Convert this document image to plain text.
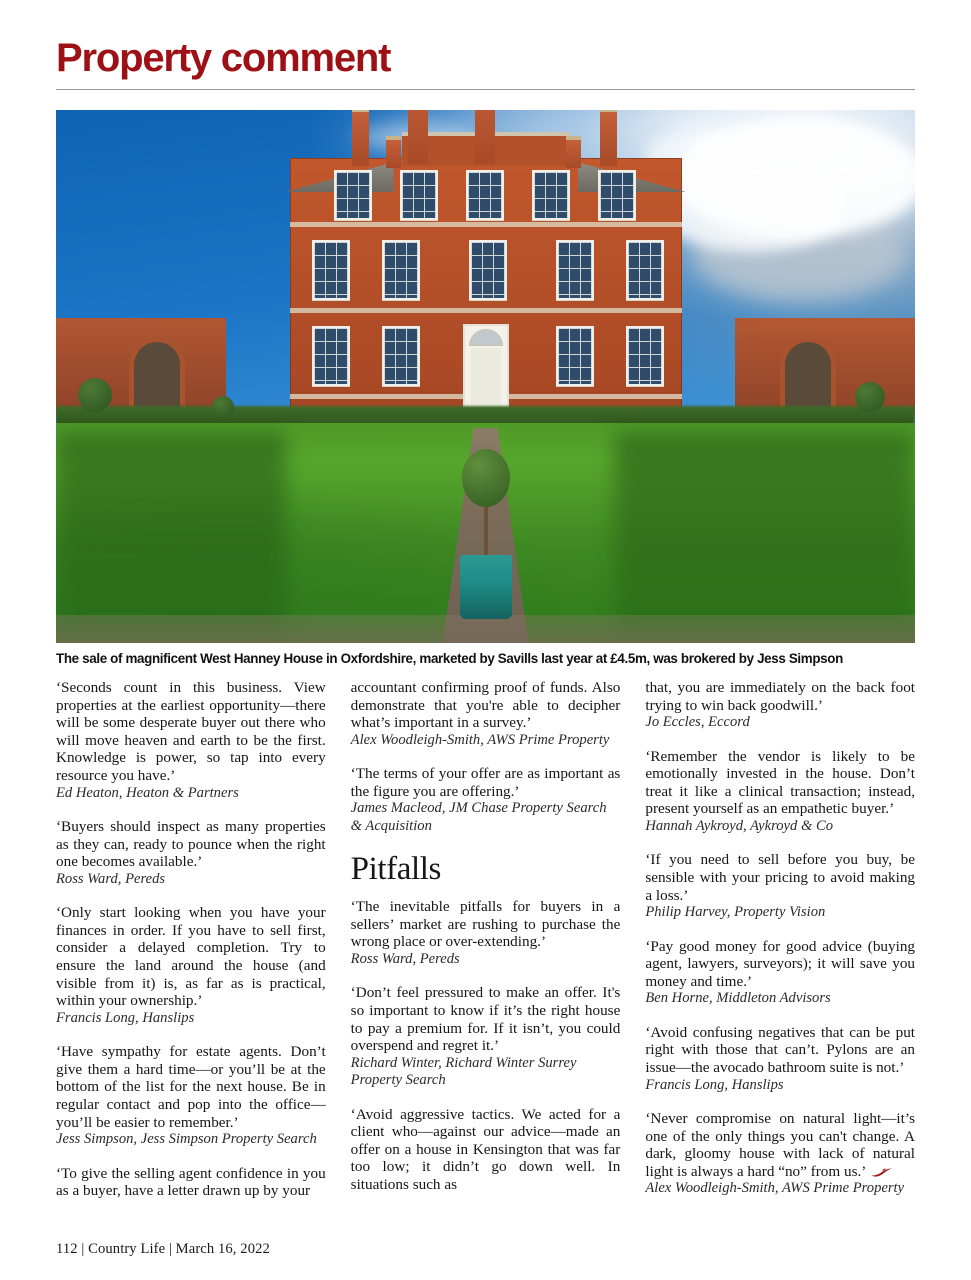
Property comment
The sale of magnificent West Hanney House in Oxfordshire, marketed by Savills last year at £4.5m, was brokered by Jess Simpson

‘Seconds count in this business. View properties at the earliest opportunity—there will be some desperate buyer out there who will move heaven and earth to be the first. Knowledge is power, so tap into every resource you have.’

Ed Heaton, Heaton & Partners

‘Buyers should inspect as many properties as they can, ready to pounce when the right one becomes available.’

Ross Ward, Pereds

‘Only start looking when you have your finances in order. If you have to sell first, consider a delayed completion. Try to ensure the land around the house (and visible from it) is, as far as is practical, within your ownership.’

Francis Long, Hanslips

‘Have sympathy for estate agents. Don’t give them a hard time—or you’ll be at the bottom of the list for the next house. Be in regular contact and pop into the office—you’ll be easier to remember.’

Jess Simpson, Jess Simpson Property Search

‘To give the selling agent confidence in you as a buyer, have a letter drawn up by your

accountant confirming proof of funds. Also demonstrate that you're able to decipher what’s important in a survey.’

Alex Woodleigh-Smith, AWS Prime Property

‘The terms of your offer are as important as the figure you are offering.’

James Macleod, JM Chase Property Search & Acquisition

Pitfalls

‘The inevitable pitfalls for buyers in a sellers’ market are rushing to purchase the wrong place or over-extending.’

Ross Ward, Pereds

‘Don’t feel pressured to make an offer. It's so important to know if it’s the right house to pay a premium for. If it isn’t, you could overspend and regret it.’

Richard Winter, Richard Winter Surrey Property Search

‘Avoid aggressive tactics. We acted for a client who—against our advice—made an offer on a house in Kensington that was far too low; it didn’t go down well. In situations such as

that, you are immediately on the back foot trying to win back goodwill.’

Jo Eccles, Eccord

‘Remember the vendor is likely to be emotionally invested in the house. Don’t treat it like a clinical transaction; instead, present yourself as an empathetic buyer.’

Hannah Aykroyd, Aykroyd & Co

‘If you need to sell before you buy, be sensible with your pricing to avoid making a loss.’

Philip Harvey, Property Vision

‘Pay good money for good advice (buying agent, lawyers, surveyors); it will save you money and time.’

Ben Horne, Middleton Advisors

‘Avoid confusing negatives that can be put right with those that can’t. Pylons are an issue—the avocado bathroom suite is not.’

Francis Long, Hanslips

‘Never compromise on natural light—it’s one of the only things you can't change. A dark, gloomy house with lack of natural light is always a hard “no” from us.’

Alex Woodleigh-Smith, AWS Prime Property

112 | Country Life | March 16, 2022
